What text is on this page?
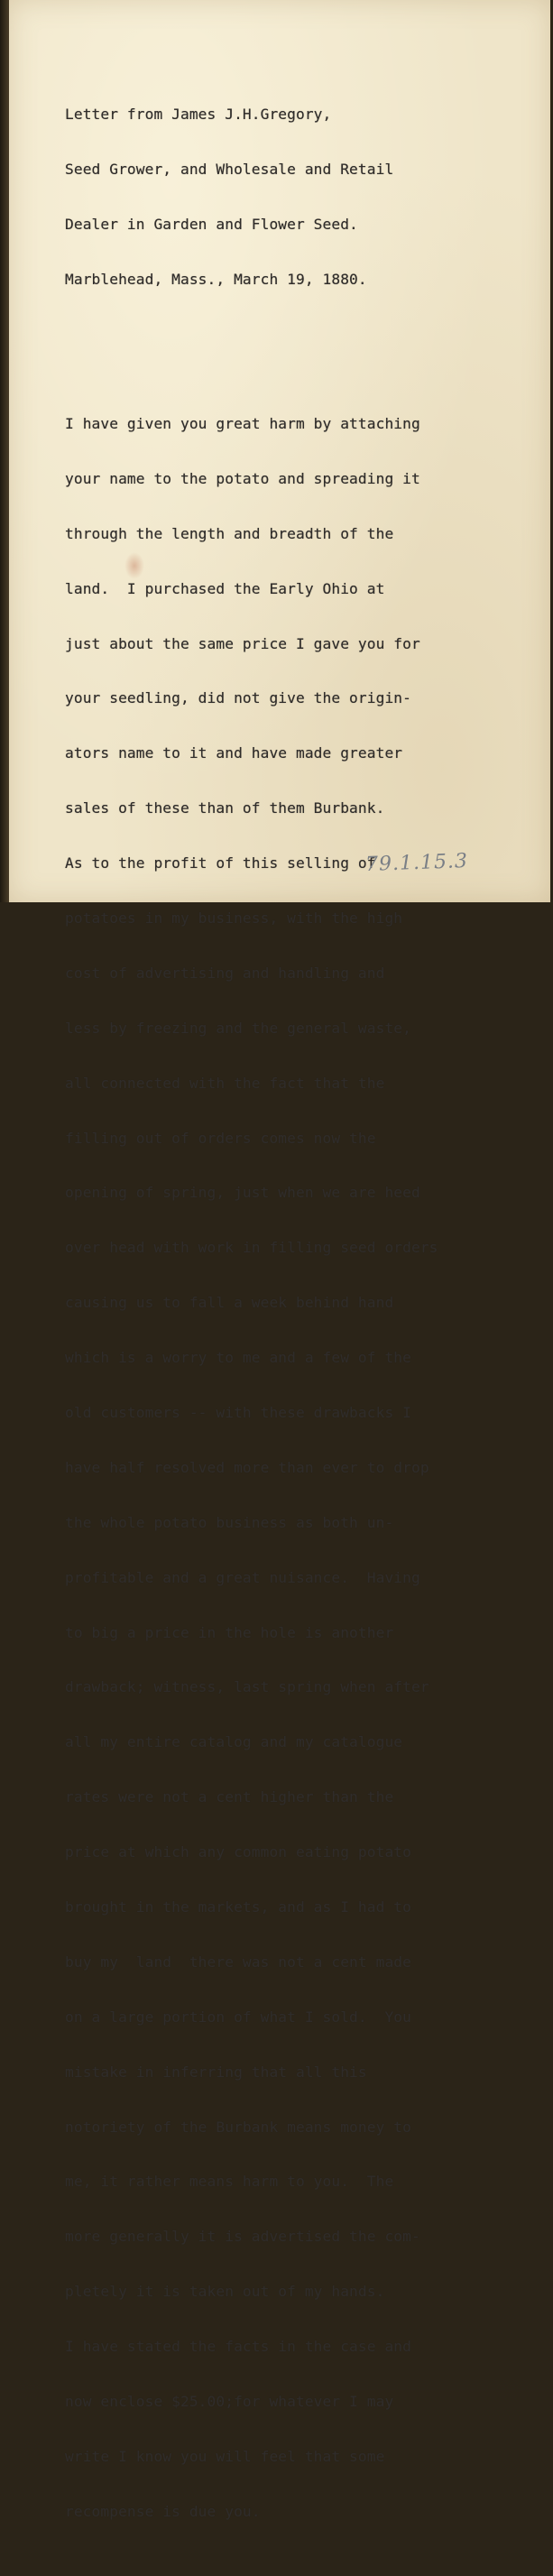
Letter from James J.H.Gregory,

Seed Grower, and Wholesale and Retail

Dealer in Garden and Flower Seed.

Marblehead, Mass., March 19, 1880.

I have given you great harm by attaching

your name to the potato and spreading it

through the length and breadth of the

land.  I purchased the Early Ohio at

just about the same price I gave you for

your seedling, did not give the origin-

ators name to it and have made greater

sales of these than of them Burbank.

As to the profit of this selling of

potatoes in my business, with the high

cost of advertising and handling and

less by freezing and the general waste,

all connected with the fact that the

filling out of orders comes now the

opening of spring, just when we are heed

over head with work in filling seed orders

causing us to fall a week behind hand

which is a worry to me and a few of the

old customers -- with these drawbacks I

have half resolved more than ever to drop

the whole potato business as both un-

profitable and a great nuisance.  Having

to big a price in the hole is another

drawback; witness, last spring when after

all my entire catalog and my catalogue

rates were not a cent higher than the

price at which any common eating potato

brought in the markets, and as I had to

buy my  land  there was not a cent made

on a large portion of what I sold.  You

mistake in inferring that all this

notoriety of the Burbank means money to

me, it rather means harm to you.  The

more generally it is advertised the com-

pletely it is taken out of my hands.

I have stated the facts in the case and

now enclose $25.00;for whatever I may

write I know you will feel that some

recompense is due you.

79.1.15.3
